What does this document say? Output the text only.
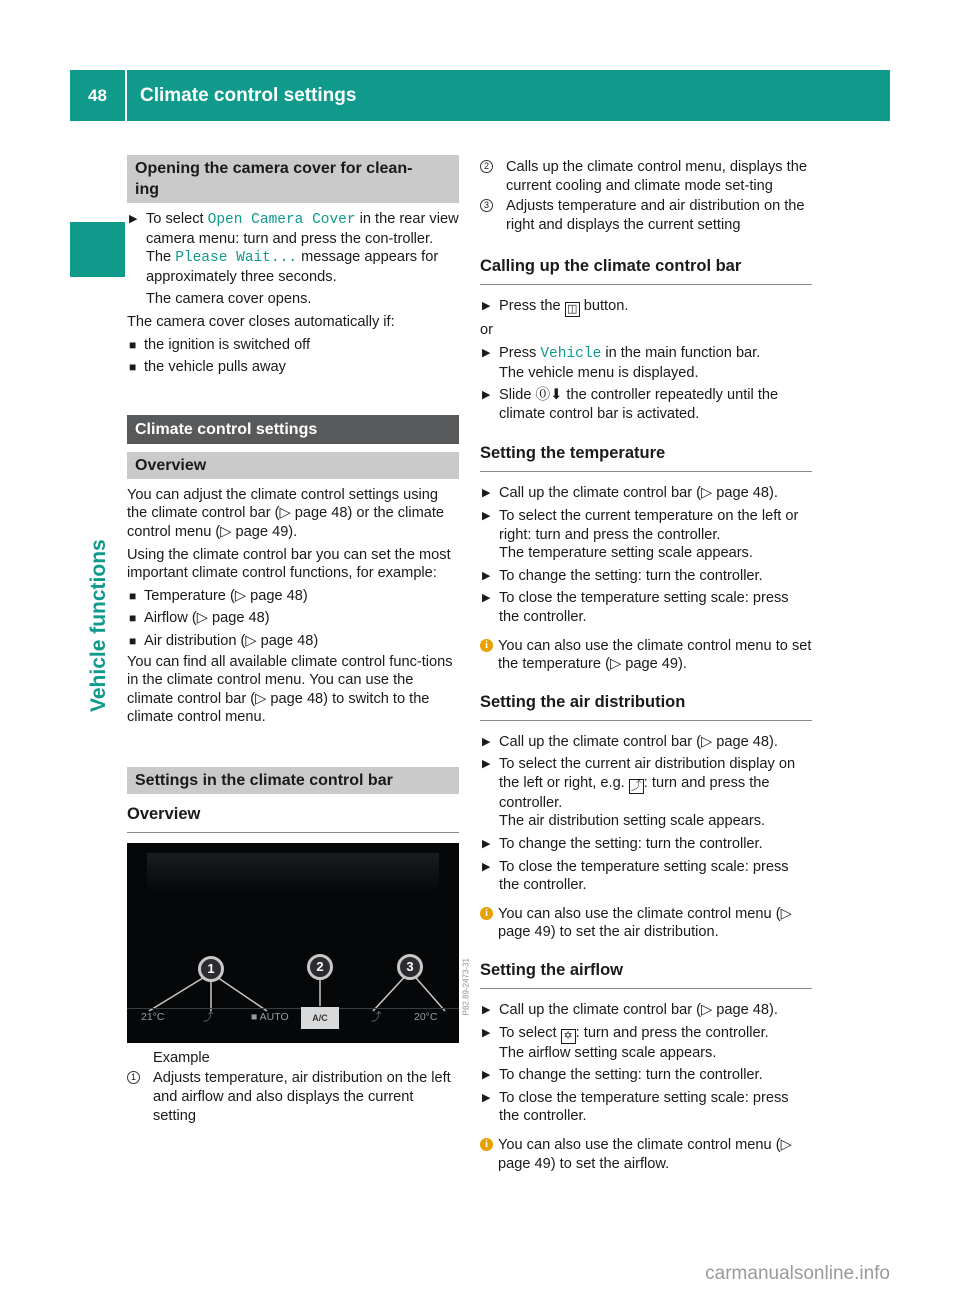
48	Climate control settings
Vehicle functions
Opening the camera cover for clean-
ing
▶ To select Open Camera Cover in the rear view camera menu: turn and press the con-troller.
The Please Wait... message appears for approximately three seconds.

The camera cover opens.

The camera cover closes automatically if:

■ the ignition is switched off
■ the vehicle pulls away
Climate control settings
Overview

You can adjust the climate control settings using the climate control bar (▷ page 48) or the climate control menu (▷ page 49).

Using the climate control bar you can set the most important climate control functions, for example:

■ Temperature (▷ page 48)
■ Airflow (▷ page 48)
■ Air distribution (▷ page 48)

You can find all available climate control func-tions in the climate control menu. You can use the climate control bar (▷ page 48) to switch to the climate control menu.

Settings in the climate control bar
Overview
1	2	3
21°C	⤴	■ AUTO	A/C	⤴	20°C
P82.89-2473-31

Example

1 Adjusts temperature, air distribution on the left and airflow and also displays the current setting
2 Calls up the climate control menu, displays the current cooling and climate mode set-ting
3 Adjusts temperature and air distribution on the right and displays the current setting
Calling up the climate control bar
▶ Press the ◫ button.

or

▶ Press Vehicle in the main function bar.
The vehicle menu is displayed.
▶ Slide ⓪⬇ the controller repeatedly until the climate control bar is activated.
Setting the temperature
▶ Call up the climate control bar (▷ page 48).
▶ To select the current temperature on the left or right: turn and press the controller.
The temperature setting scale appears.
▶ To change the setting: turn the controller.
▶ To close the temperature setting scale: press the controller.
i You can also use the climate control menu to set the temperature (▷ page 49).
Setting the air distribution
▶ Call up the climate control bar (▷ page 48).
▶ To select the current air distribution display on the left or right, e.g. ⤴ : turn and press the controller.
The air distribution setting scale appears.
▶ To change the setting: turn the controller.
▶ To close the temperature setting scale: press the controller.
i You can also use the climate control menu (▷ page 49) to set the air distribution.
Setting the airflow
▶ Call up the climate control bar (▷ page 48).
▶ To select ✡ : turn and press the controller.
The airflow setting scale appears.
▶ To change the setting: turn the controller.
▶ To close the temperature setting scale: press the controller.
i You can also use the climate control menu (▷ page 49) to set the airflow.
carmanualsonline.info
